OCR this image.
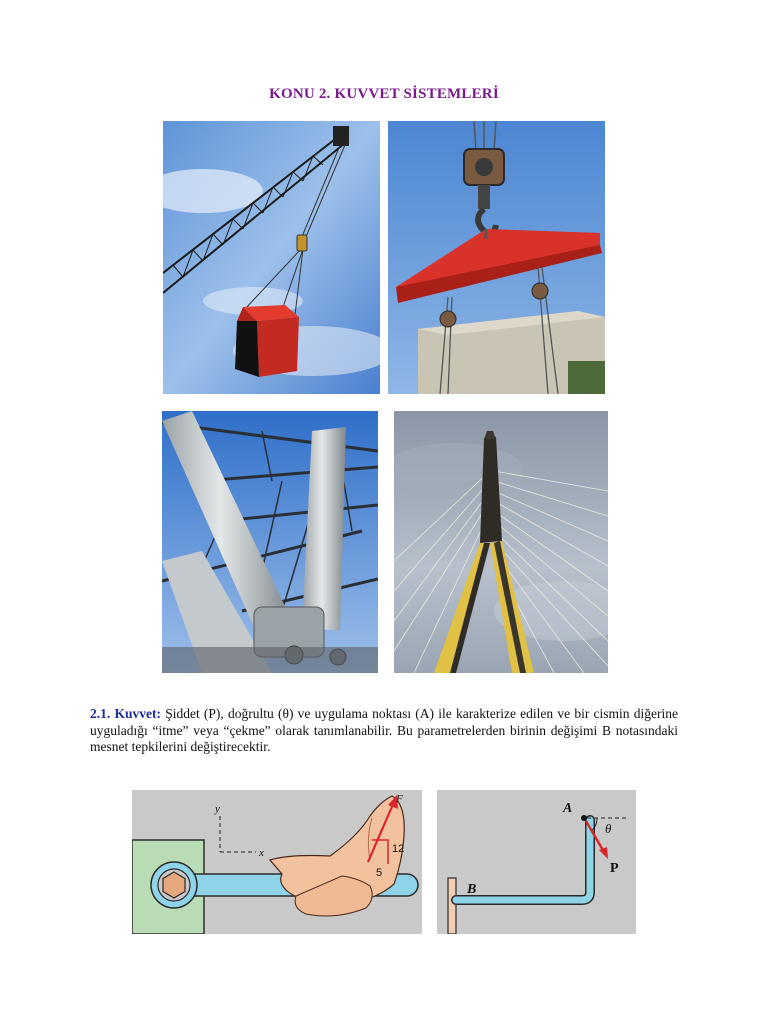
KONU 2. KUVVET SİSTEMLERİ

2.1. Kuvvet: Şiddet (P), doğrultu (θ) ve uygulama noktası (A) ile karakterize edilen ve bir cismin diğerine uyguladığı “itme” veya “çekme” olarak tanımlanabilir. Bu parametrelerden birinin değişimi B notasındaki mesnet tepkilerini değiştirecektir.

y
x
F
12
5
B
A
θ
P
